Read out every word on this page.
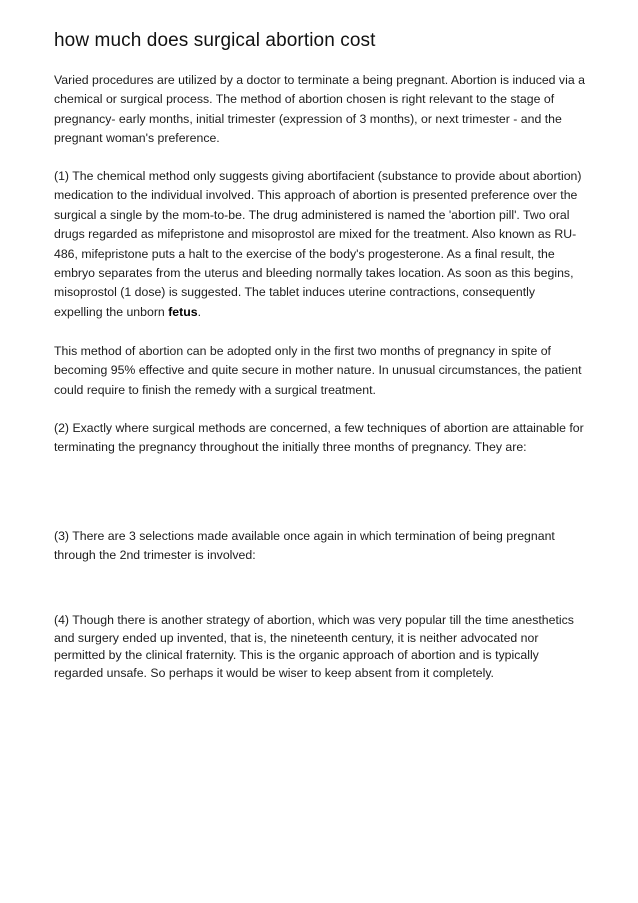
how much does surgical abortion cost

Varied procedures are utilized by a doctor to terminate a being pregnant. Abortion is induced via a chemical or surgical process. The method of abortion chosen is right relevant to the stage of pregnancy- early months, initial trimester (expression of 3 months), or next trimester - and the pregnant woman's preference.

(1) The chemical method only suggests giving abortifacient (substance to provide about abortion) medication to the individual involved. This approach of abortion is presented preference over the surgical a single by the mom-to-be. The drug administered is named the 'abortion pill'. Two oral drugs regarded as mifepristone and misoprostol are mixed for the treatment. Also known as RU-486, mifepristone puts a halt to the exercise of the body's progesterone. As a final result, the embryo separates from the uterus and bleeding normally takes location. As soon as this begins, misoprostol (1 dose) is suggested. The tablet induces uterine contractions, consequently expelling the unborn fetus.

This method of abortion can be adopted only in the first two months of pregnancy in spite of becoming 95% effective and quite secure in mother nature. In unusual circumstances, the patient could require to finish the remedy with a surgical treatment.

(2) Exactly where surgical methods are concerned, a few techniques of abortion are attainable for terminating the pregnancy throughout the initially three months of pregnancy. They are:

(3) There are 3 selections made available once again in which termination of being pregnant through the 2nd trimester is involved:

(4) Though there is another strategy of abortion, which was very popular till the time anesthetics and surgery ended up invented, that is, the nineteenth century, it is neither advocated nor permitted by the clinical fraternity. This is the organic approach of abortion and is typically regarded unsafe. So perhaps it would be wiser to keep absent from it completely.
